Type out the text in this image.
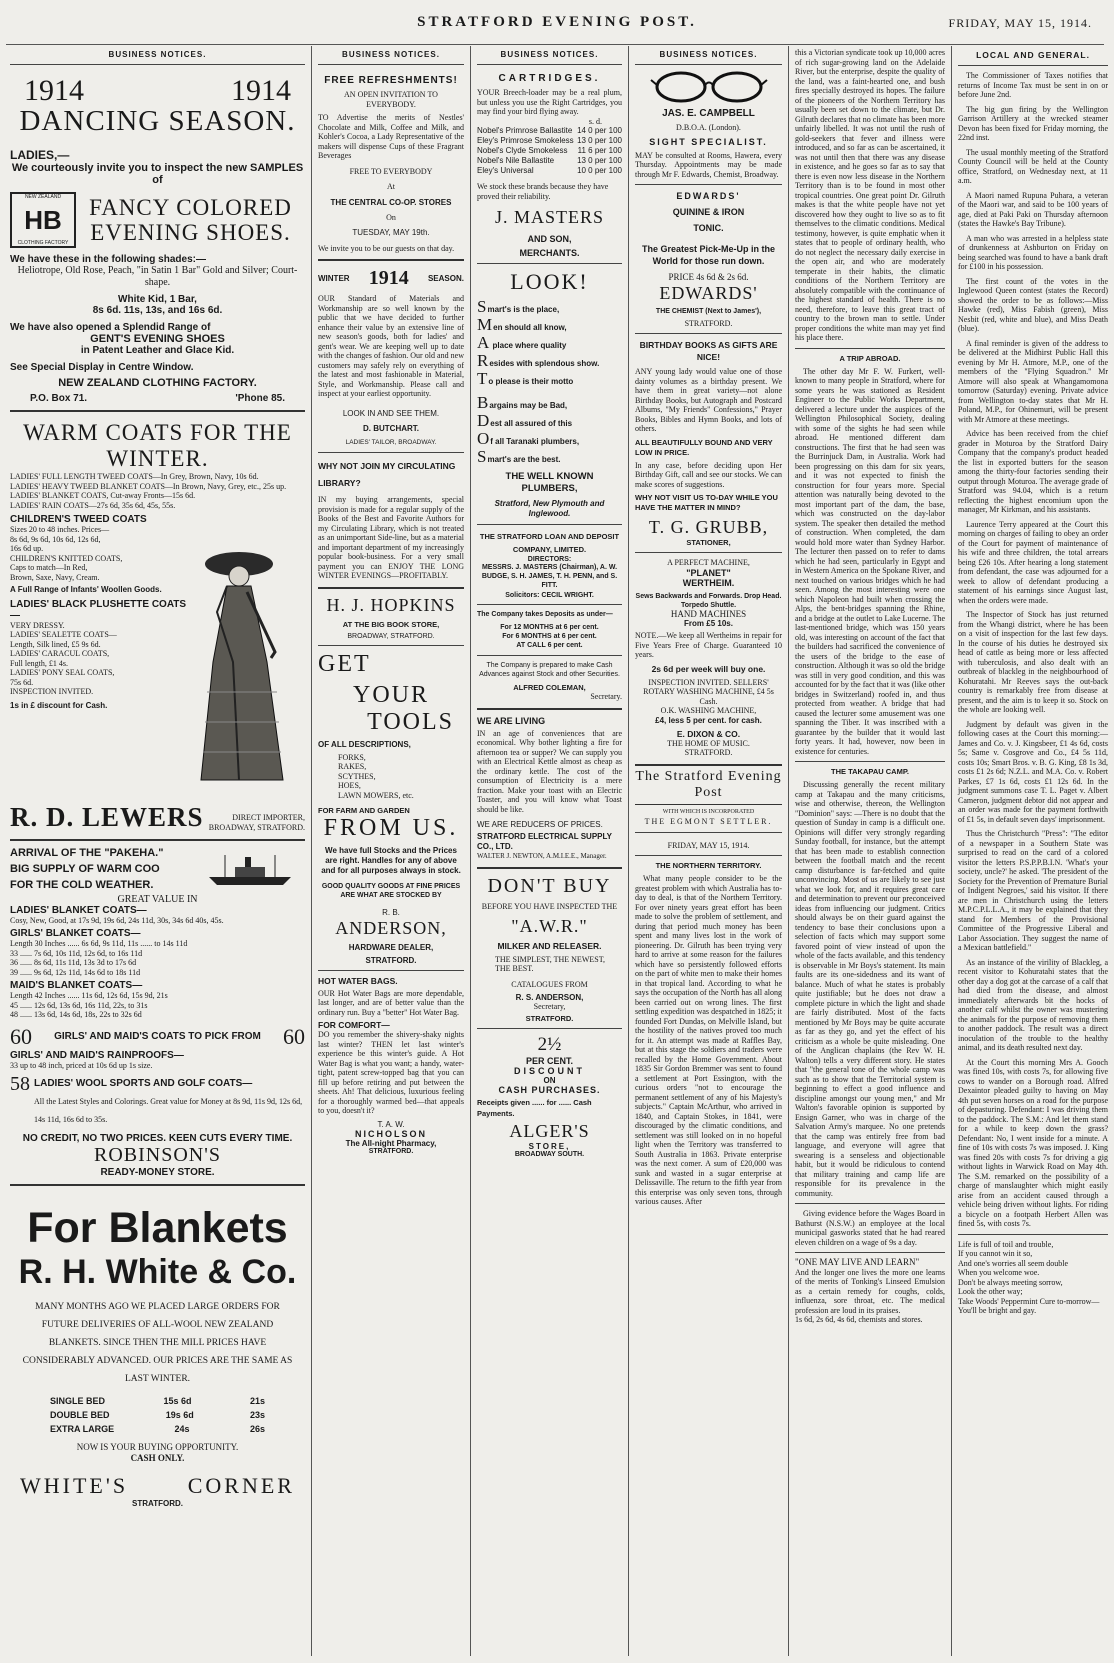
STRATFORD EVENING POST.	FRIDAY, MAY 15, 1914.
BUSINESS NOTICES.
1914	1914
DANCING SEASON.
LADIES,—
We courteously invite you to inspect the new SAMPLES of
NEW ZEALAND
HB
CLOTHING FACTORY
FANCY COLORED EVENING SHOES.
We have these in the following shades:—
Heliotrope, Old Rose, Peach, "in Satin 1 Bar" Gold and Silver; Court-shape.
White Kid, 1 Bar,
8s 6d. 11s, 13s, and 16s 6d.
We have also opened a Splendid Range of
GENT'S EVENING SHOES
in Patent Leather and Glace Kid.
See Special Display in Centre Window.
NEW ZEALAND CLOTHING FACTORY.
P.O. Box 71.	'Phone 85.
WARM COATS FOR THE WINTER.
LADIES' FULL LENGTH TWEED COATS—In Grey, Brown, Navy, 10s 6d.
LADIES' HEAVY TWEED BLANKET COATS—In Brown, Navy, Grey, etc., 25s up.
LADIES' BLANKET COATS, Cut-away Fronts—15s 6d.
LADIES' RAIN COATS—27s 6d, 35s 6d, 45s, 55s.
CHILDREN'S TWEED COATS
Sizes 20 to 48 inches. Prices—
8s 6d, 9s 6d, 10s 6d, 12s 6d,
16s 6d up.
CHILDREN'S KNITTED COATS,
Caps to match—In Red,
Brown, Saxe, Navy, Cream.
A Full Range of Infants' Woollen Goods.
LADIES' BLACK PLUSHETTE COATS—
VERY DRESSY.
LADIES' SEALETTE COATS—
Length, Silk lined, £5 9s 6d.
LADIES' CARACUL COATS,
Full length, £1 4s.
LADIES' PONY SEAL COATS,
75s 6d.
INSPECTION INVITED.
1s in £ discount for Cash.
R. D. LEWERS	DIRECT IMPORTER,
BROADWAY, STRATFORD.
ARRIVAL OF THE "PAKEHA."
BIG SUPPLY OF WARM COO
FOR THE COLD WEATHER.
GREAT VALUE IN
LADIES' BLANKET COATS—
Cosy, New, Good, at 17s 9d, 19s 6d, 24s 11d, 30s, 34s 6d 40s, 45s.
GIRLS' BLANKET COATS—
Length 30 Inches ...... 6s 6d, 9s 11d, 11s ...... to 14s 11d
33 ...... 7s 6d, 10s 11d, 12s 6d, to 16s 11d
36 ...... 8s 6d, 11s 11d, 13s 3d to 17s 6d
39 ...... 9s 6d, 12s 11d, 14s 6d to 18s 11d
MAID'S BLANKET COATS—
Length 42 Inches ...... 11s 6d, 12s 6d, 15s 9d, 21s
45 ...... 12s 6d, 13s 6d, 16s 11d, 22s, to 31s
48 ...... 13s 6d, 14s 6d, 18s, 22s to 32s 6d
60 GIRLS' AND MAID'S COATS TO PICK FROM 60
GIRLS' AND MAID'S RAINPROOFS—
33 up to 48 inch, priced at 10s 6d up 1s size.
58 LADIES' WOOL SPORTS AND GOLF COATS—
All the Latest Styles and Colorings. Great value for Money at 8s 9d, 11s 9d, 12s 6d, 14s 11d, 16s 6d to 35s.
NO CREDIT, NO TWO PRICES. KEEN CUTS EVERY TIME.
ROBINSON'S
READY-MONEY STORE.
For Blankets
R. H. White & Co.
MANY MONTHS AGO WE PLACED LARGE ORDERS FOR FUTURE DELIVERIES OF ALL-WOOL NEW ZEALAND BLANKETS. SINCE THEN THE MILL PRICES HAVE CONSIDERABLY ADVANCED. OUR PRICES ARE THE SAME AS LAST WINTER.
SINGLE BED	15s 6d	21s
DOUBLE BED	19s 6d	23s
EXTRA LARGE	24s	26s
NOW IS YOUR BUYING OPPORTUNITY.
CASH ONLY.
WHITE'S	CORNER
STRATFORD.
BUSINESS NOTICES.
FREE REFRESHMENTS!
AN OPEN INVITATION TO EVERYBODY.
TO Advertise the merits of Nestles' Chocolate and Milk, Coffee and Milk, and Kohler's Cocoa, a Lady Representative of the makers will dispense Cups of these Fragrant Beverages
FREE TO EVERYBODY
At
THE CENTRAL CO-OP. STORES
On
TUESDAY, MAY 19th.
We invite you to be our guests on that day.
WINTER 1914 SEASON.
OUR Standard of Materials and Workmanship are so well known by the public that we have decided to further enhance their value by an extensive line of new season's goods, both for ladies' and gent's wear. We are keeping well up to date with the changes of fashion. Our old and new customers may safely rely on everything of the latest and most fashionable in Material, Style, and Workmanship. Please call and inspect at your earliest opportunity.
LOOK IN AND SEE THEM.
D. BUTCHART.
LADIES' TAILOR, BROADWAY.
WHY NOT JOIN MY CIRCULATING LIBRARY?
IN my buying arrangements, special provision is made for a regular supply of the Books of the Best and Favorite Authors for my Circulating Library, which is not treated as an unimportant Side-line, but as a material and important department of my increasingly popular book-business. For a very small payment you can ENJOY THE LONG WINTER EVENINGS—PROFITABLY.
H. J. HOPKINS
AT THE BIG BOOK STORE,
BROADWAY, STRATFORD.
GET
YOUR
TOOLS
OF ALL DESCRIPTIONS,
FORKS,
RAKES,
SCYTHES,
HOES,
LAWN MOWERS, etc.
FOR FARM AND GARDEN
FROM US.
We have full Stocks and the Prices are right. Handles for any of above and for all purposes always in stock.
GOOD QUALITY GOODS AT FINE PRICES ARE WHAT ARE STOCKED BY
R. B.
ANDERSON,
HARDWARE DEALER,
STRATFORD.
HOT WATER BAGS.
OUR Hot Water Bags are more dependable, last longer, and are of better value than the ordinary run. Buy a "better" Hot Water Bag.
FOR COMFORT—
DO you remember the shivery-shaky nights last winter? THEN let last winter's experience be this winter's guide. A Hot Water Bag is what you want; a handy, water-tight, patent screw-topped bag that you can fill up before retiring and put between the sheets. Ah! That delicious, luxurious feeling for a thoroughly warmed bed—that appeals to you, doesn't it?
T. A. W.
NICHOLSON
The All-night Pharmacy,
STRATFORD.
BUSINESS NOTICES.
CARTRIDGES.
YOUR Breech-loader may be a real plum, but unless you use the Right Cartridges, you may find your bird flying away.
s. d.
Nobel's Primrose Ballastite 14 0 per 100
Eley's Primrose Smokeless 13 0 per 100
Nobel's Clyde Smokeless 11 6 per 100
Nobel's Nile Ballastite	13 0 per 100
Eley's Universal	10 0 per 100
We stock these brands because they have proved their reliability.
J. MASTERS
AND SON,
MERCHANTS.
LOOK!
Smart's is the place,
Men should all know,
A place where quality
Resides with splendous show.
To please is their motto
Bargains may be Bad,
Dest all assured of this
Of all Taranaki plumbers,
Smart's are the best.
THE WELL KNOWN PLUMBERS,
Stratford, New Plymouth and Inglewood.
THE STRATFORD LOAN AND DEPOSIT COMPANY, LIMITED.
DIRECTORS:
MESSRS. J. MASTERS (Chairman), A. W. BUDGE, S. H. JAMES, T. H. PENN, and S. FITT.
Solicitors: CECIL WRIGHT.
The Company takes Deposits as under—
For 12 MONTHS at 6 per cent.
For 6 MONTHS at 6 per cent.
AT CALL 6 per cent.
The Company is prepared to make Cash Advances against Stock and other Securities.
ALFRED COLEMAN,
Secretary.
WE ARE LIVING
IN an age of conveniences that are economical. Why bother lighting a fire for afternoon tea or supper? We can supply you with an Electrical Kettle almost as cheap as the ordinary kettle. The cost of the consumption of Electricity is a mere fraction. Make your toast with an Electric Toaster, and you will know what Toast should be like.
WE ARE REDUCERS OF PRICES.
STRATFORD ELECTRICAL SUPPLY CO., LTD.
WALTER J. NEWTON, A.M.I.E.E., Manager.
DON'T BUY
BEFORE YOU HAVE INSPECTED THE
"A.W.R."
MILKER AND RELEASER.
THE SIMPLEST, THE NEWEST, THE BEST.
CATALOGUES FROM
R. S. ANDERSON,
Secretary,
STRATFORD.
2½
PER CENT.
DISCOUNT
ON
CASH PURCHASES.
Receipts given ...... for ...... Cash Payments.
ALGER'S
STORE,
BROADWAY SOUTH.
BUSINESS NOTICES.
JAS. E. CAMPBELL
D.B.O.A. (London).
SIGHT SPECIALIST.
MAY be consulted at Rooms, Hawera, every Thursday. Appointments may be made through Mr F. Edwards, Chemist, Broadway.
EDWARDS'
QUININE & IRON
TONIC.
The Greatest Pick-Me-Up in the World for those run down.
PRICE 4s 6d & 2s 6d.
EDWARDS'
THE CHEMIST (Next to James'),
STRATFORD.
BIRTHDAY BOOKS AS GIFTS ARE NICE!
ANY young lady would value one of those dainty volumes as a birthday present. We have them in great variety—not alone Birthday Books, but Autograph and Postcard Albums, "My Friends" Confessions," Prayer Books, Bibles and Hymn Books, and lots of others.
ALL BEAUTIFULLY BOUND AND VERY LOW IN PRICE.
In any case, before deciding upon Her Birthday Gift, call and see our stocks. We can make scores of suggestions.
WHY NOT VISIT US TO-DAY WHILE YOU HAVE THE MATTER IN MIND?
T. G. GRUBB,
STATIONER,
A PERFECT MACHINE,
"PLANET"
WERTHEIM.
Sews Backwards and Forwards. Drop Head. Torpedo Shuttle.
HAND MACHINES
From £5 10s.
NOTE.—We keep all Wertheims in repair for Five Years Free of Charge. Guaranteed 10 years.
2s 6d per week will buy one.
INSPECTION INVITED. SELLERS' ROTARY WASHING MACHINE, £4 5s Cash.
O.K. WASHING MACHINE,
£4, less 5 per cent. for cash.
E. DIXON & CO.
THE HOME OF MUSIC.
STRATFORD.
The Stratford Evening Post
WITH WHICH IS INCORPORATED
THE EGMONT SETTLER.
FRIDAY, MAY 15, 1914.
THE NORTHERN TERRITORY.
What many people consider to be the greatest problem with which Australia has to-day to deal, is that of the Northern Territory. For over ninety years great effort has been made to solve the problem of settlement, and during that period much money has been spent and many lives lost in the work of pioneering. Dr. Gilruth has been trying very hard to arrive at some reason for the failures which have so persistently followed efforts on the part of white men to make their homes in that tropical land. According to what he says the occupation of the North has all along been carried out on wrong lines. The first settling expedition was despatched in 1825; it founded Fort Dundas, on Melville Island, but the hostility of the natives proved too much for it. An attempt was made at Raffles Bay, but at this stage the soldiers and traders were recalled by the Home Government. About 1835 Sir Gordon Bremmer was sent to found a settlement at Port Essington, with the curious orders "not to encourage the permanent settlement of any of his Majesty's subjects." Captain McArthur, who arrived in 1840, and Captain Stokes, in 1841, were discouraged by the climatic conditions, and settlement was still looked on in no hopeful light when the Territory was transferred to South Australia in 1863. Private enterprise was the next comer. A sum of £20,000 was sunk and wasted in a sugar enterprise at Delissaville. The return to the fifth year from this enterprise was only seven tons, through various causes. After
this a Victorian syndicate took up 10,000 acres of rich sugar-growing land on the Adelaide River, but the enterprise, despite the quality of the land, was a faint-hearted one, and bush fires specially destroyed its hopes. The failure of the pioneers of the Northern Territory has usually been set down to the climate, but Dr. Gilruth declares that no climate has been more unfairly libelled. It was not until the rush of gold-seekers that fever and illness were introduced, and so far as can be ascertained, it was not until then that there was any disease in existence, and he goes so far as to say that there is even now less disease in the Northern Territory than is to be found in most other tropical countries. One great point Dr. Gilruth makes is that the white people have not yet discovered how they ought to live so as to fit themselves to the climatic conditions. Medical testimony, however, is quite emphatic when it states that to people of ordinary health, who do not neglect the necessary daily exercise in the open air, and who are moderately temperate in their habits, the climatic conditions of the Northern Territory are absolutely compatible with the continuance of the highest standard of health. There is no need, therefore, to leave this great tract of country to the brown man to settle. Under proper conditions the white man may yet find his place there.
A TRIP ABROAD.
The other day Mr F. W. Furkert, well-known to many people in Stratford, where for some years he was stationed as Resident Engineer to the Public Works Department, delivered a lecture under the auspices of the Wellington Philosophical Society, dealing with some of the sights he had seen while abroad. He mentioned different dam constructions. The first that he had seen was the Burrinjuck Dam, in Australia. Work had been progressing on this dam for six years, and it was not expected to finish the construction for four years more. Special attention was naturally being devoted to the most important part of the dam, the base, which was constructed on the day-labor system. The speaker then detailed the method of construction. When completed, the dam would hold more water than Sydney Harbor. The lecturer then passed on to refer to dams which he had seen, particularly in Egypt and in Western America on the Spokane River, and next touched on various bridges which he had seen. Among the most interesting were one which Napoleon had built when crossing the Alps, the bent-bridges spanning the Rhine, and a bridge at the outlet to Lake Lucerne. The last-mentioned bridge, which was 150 years old, was interesting on account of the fact that the builders had sacrificed the convenience of the users of the bridge to the ease of construction. Although it was so old the bridge was still in very good condition, and this was accounted for by the fact that it was (like other bridges in Switzerland) roofed in, and thus protected from weather. A bridge that had caused the lecturer some amusement was one spanning the Tiber. It was inscribed with a guarantee by the builder that it would last forty years. It had, however, now been in existence for centuries.
THE TAKAPAU CAMP.
Discussing generally the recent military camp at Takapau and the many criticisms, wise and otherwise, thereon, the Wellington "Dominion" says: —There is no doubt that the question of Sunday in camp is a difficult one. Opinions will differ very strongly regarding Sunday football, for instance, but the attempt that has been made to establish connection between the football match and the recent camp disturbance is far-fetched and quite unconvincing. Most of us are likely to see just what we look for, and it requires great care and determination to prevent our preconceived ideas from influencing our judgment. Critics should always be on their guard against the tendency to base their conclusions upon a selection of facts which may support some favored point of view instead of upon the whole of the facts available, and this tendency is observable in Mr Boys's statement. Its main faults are its one-sidedness and its want of balance. Much of what he states is probably quite justifiable; but he does not draw a complete picture in which the light and shade are fairly distributed. Most of the facts mentioned by Mr Boys may be quite accurate as far as they go, and yet the effect of his criticism as a whole be quite misleading. One of the Anglican chaplains (the Rev W. H. Walton) tells a very different story. He states that "the general tone of the whole camp was such as to show that the Territorial system is beginning to effect a good influence and discipline amongst our young men," and Mr Walton's favorable opinion is supported by Ensign Garner, who was in charge of the Salvation Army's marquee. No one pretends that the camp was entirely free from bad language, and everyone will agree that swearing is a senseless and objectionable habit, but it would be ridiculous to contend that military training and camp life are responsible for its prevalence in the community.
Giving evidence before the Wages Board in Bathurst (N.S.W.) an employee at the local municipal gasworks stated that he had reared eleven children on a wage of 9s a day.
"ONE MAY LIVE AND LEARN"
And the longer one lives the more one learns of the merits of Tonking's Linseed Emulsion as a certain remedy for coughs, colds, influenza, sore throat, etc. The medical profession are loud in its praises.
1s 6d, 2s 6d, 4s 6d, chemists and stores.
LOCAL AND GENERAL.
The Commissioner of Taxes notifies that returns of Income Tax must be sent in on or before June 2nd.
The big gun firing by the Wellington Garrison Artillery at the wrecked steamer Devon has been fixed for Friday morning, the 22nd inst.
The usual monthly meeting of the Stratford County Council will be held at the County office, Stratford, on Wednesday next, at 11 a.m.
A Maori named Rupuna Puhara, a veteran of the Maori war, and said to be 100 years of age, died at Paki Paki on Thursday afternoon (states the Hawke's Bay Tribune).
A man who was arrested in a helpless state of drunkenness at Ashburton on Friday on being searched was found to have a bank draft for £100 in his possession.
The first count of the votes in the Inglewood Queen contest (states the Record) showed the order to be as follows:—Miss Hawke (red), Miss Fabish (green), Miss Nesbit (red, white and blue), and Miss Death (blue).
A final reminder is given of the address to be delivered at the Midhirst Public Hall this evening by Mr H. Atmore, M.P., one of the members of the "Flying Squadron." Mr Atmore will also speak at Whangamomona tomorrow (Saturday) evening. Private advice from Wellington to-day states that Mr H. Poland, M.P., for Ohinemuri, will be present with Mr Atmore at these meetings.
Advice has been received from the chief grader in Moturoa by the Stratford Dairy Company that the company's product headed the list in exported butters for the season among the thirty-four factories sending their output through Moturoa. The average grade of Stratford was 94.04, which is a return reflecting the highest encomium upon the manager, Mr Kirkman, and his assistants.
Laurence Terry appeared at the Court this morning on charges of failing to obey an order of the Court for payment of maintenance of his wife and three children, the total arrears being £26 10s. After hearing a long statement from defendant, the case was adjourned for a week to allow of defendant producing a statement of his earnings since August last, when the orders were made.
The Inspector of Stock has just returned from the Whangi district, where he has been on a visit of inspection for the last few days. In the course of his duties he destroyed six head of cattle as being more or less affected with tuberculosis, and also dealt with an outbreak of blackleg in the neighbourhood of Kohuratahi. Mr Reeves says the out-back country is remarkably free from disease at present, and the aim is to keep it so. Stock on the whole are looking well.
Judgment by default was given in the following cases at the Court this morning:—James and Co. v. J. Kingsbeer, £1 4s 6d, costs 5s; Same v. Cosgrove and Co., £4 5s 11d, costs 10s; Smart Bros. v. B. G. King, £8 1s 3d, costs £1 2s 6d; N.Z.L. and M.A. Co. v. Robert Parkes, £7 1s 6d, costs £1 12s 6d. In the judgment summons case T. L. Paget v. Albert Cameron, judgment debtor did not appear and an order was made for the payment forthwith of £1 5s, in default seven days' imprisonment.
Thus the Christchurch "Press": "The editor of a newspaper in a Southern State was surprised to read on the card of a colored visitor the letters P.S.P.P.B.I.N. 'What's your society, uncle?' he asked. 'The president of the Society for the Prevention of Premature Burial of Indigent Negroes,' said his visitor. If there are men in Christchurch using the letters M.P.C.P.L.L.A., it may be explained that they stand for Members of the Provisional Committee of the Progressive Liberal and Labor Association. They suggest the name of a Mexican battlefield."
As an instance of the virility of Blackleg, a recent visitor to Kohuratahi states that the other day a dog got at the carcase of a calf that had died from the disease, and almost immediately afterwards bit the hocks of another calf whilst the owner was mustering the animals for the purpose of removing them to another paddock. The result was a direct inoculation of the trouble to the healthy animal, and its death resulted next day.
At the Court this morning Mrs A. Gooch was fined 10s, with costs 7s, for allowing five cows to wander on a Borough road. Alfred Dexaintor pleaded guilty to having on May 4th put seven horses on a road for the purpose of depasturing. Defendant: I was driving them to the paddock. The S.M.: And let them stand for a while to keep down the grass? Defendant: No, I went inside for a minute. A fine of 10s with costs 7s was imposed. J. King was fined 20s with costs 7s for driving a gig without lights in Warwick Road on May 4th. The S.M. remarked on the possibility of a charge of manslaughter which might easily arise from an accident caused through a vehicle being driven without lights. For riding a bicycle on a footpath Herbert Allen was fined 5s, with costs 7s.
Life is full of toil and trouble,
If you cannot win it so,
And one's worries all seem double
When you welcome woe.
Don't be always meeting sorrow,
Look the other way;
Take Woods' Peppermint Cure to-morrow—
You'll be bright and gay.
